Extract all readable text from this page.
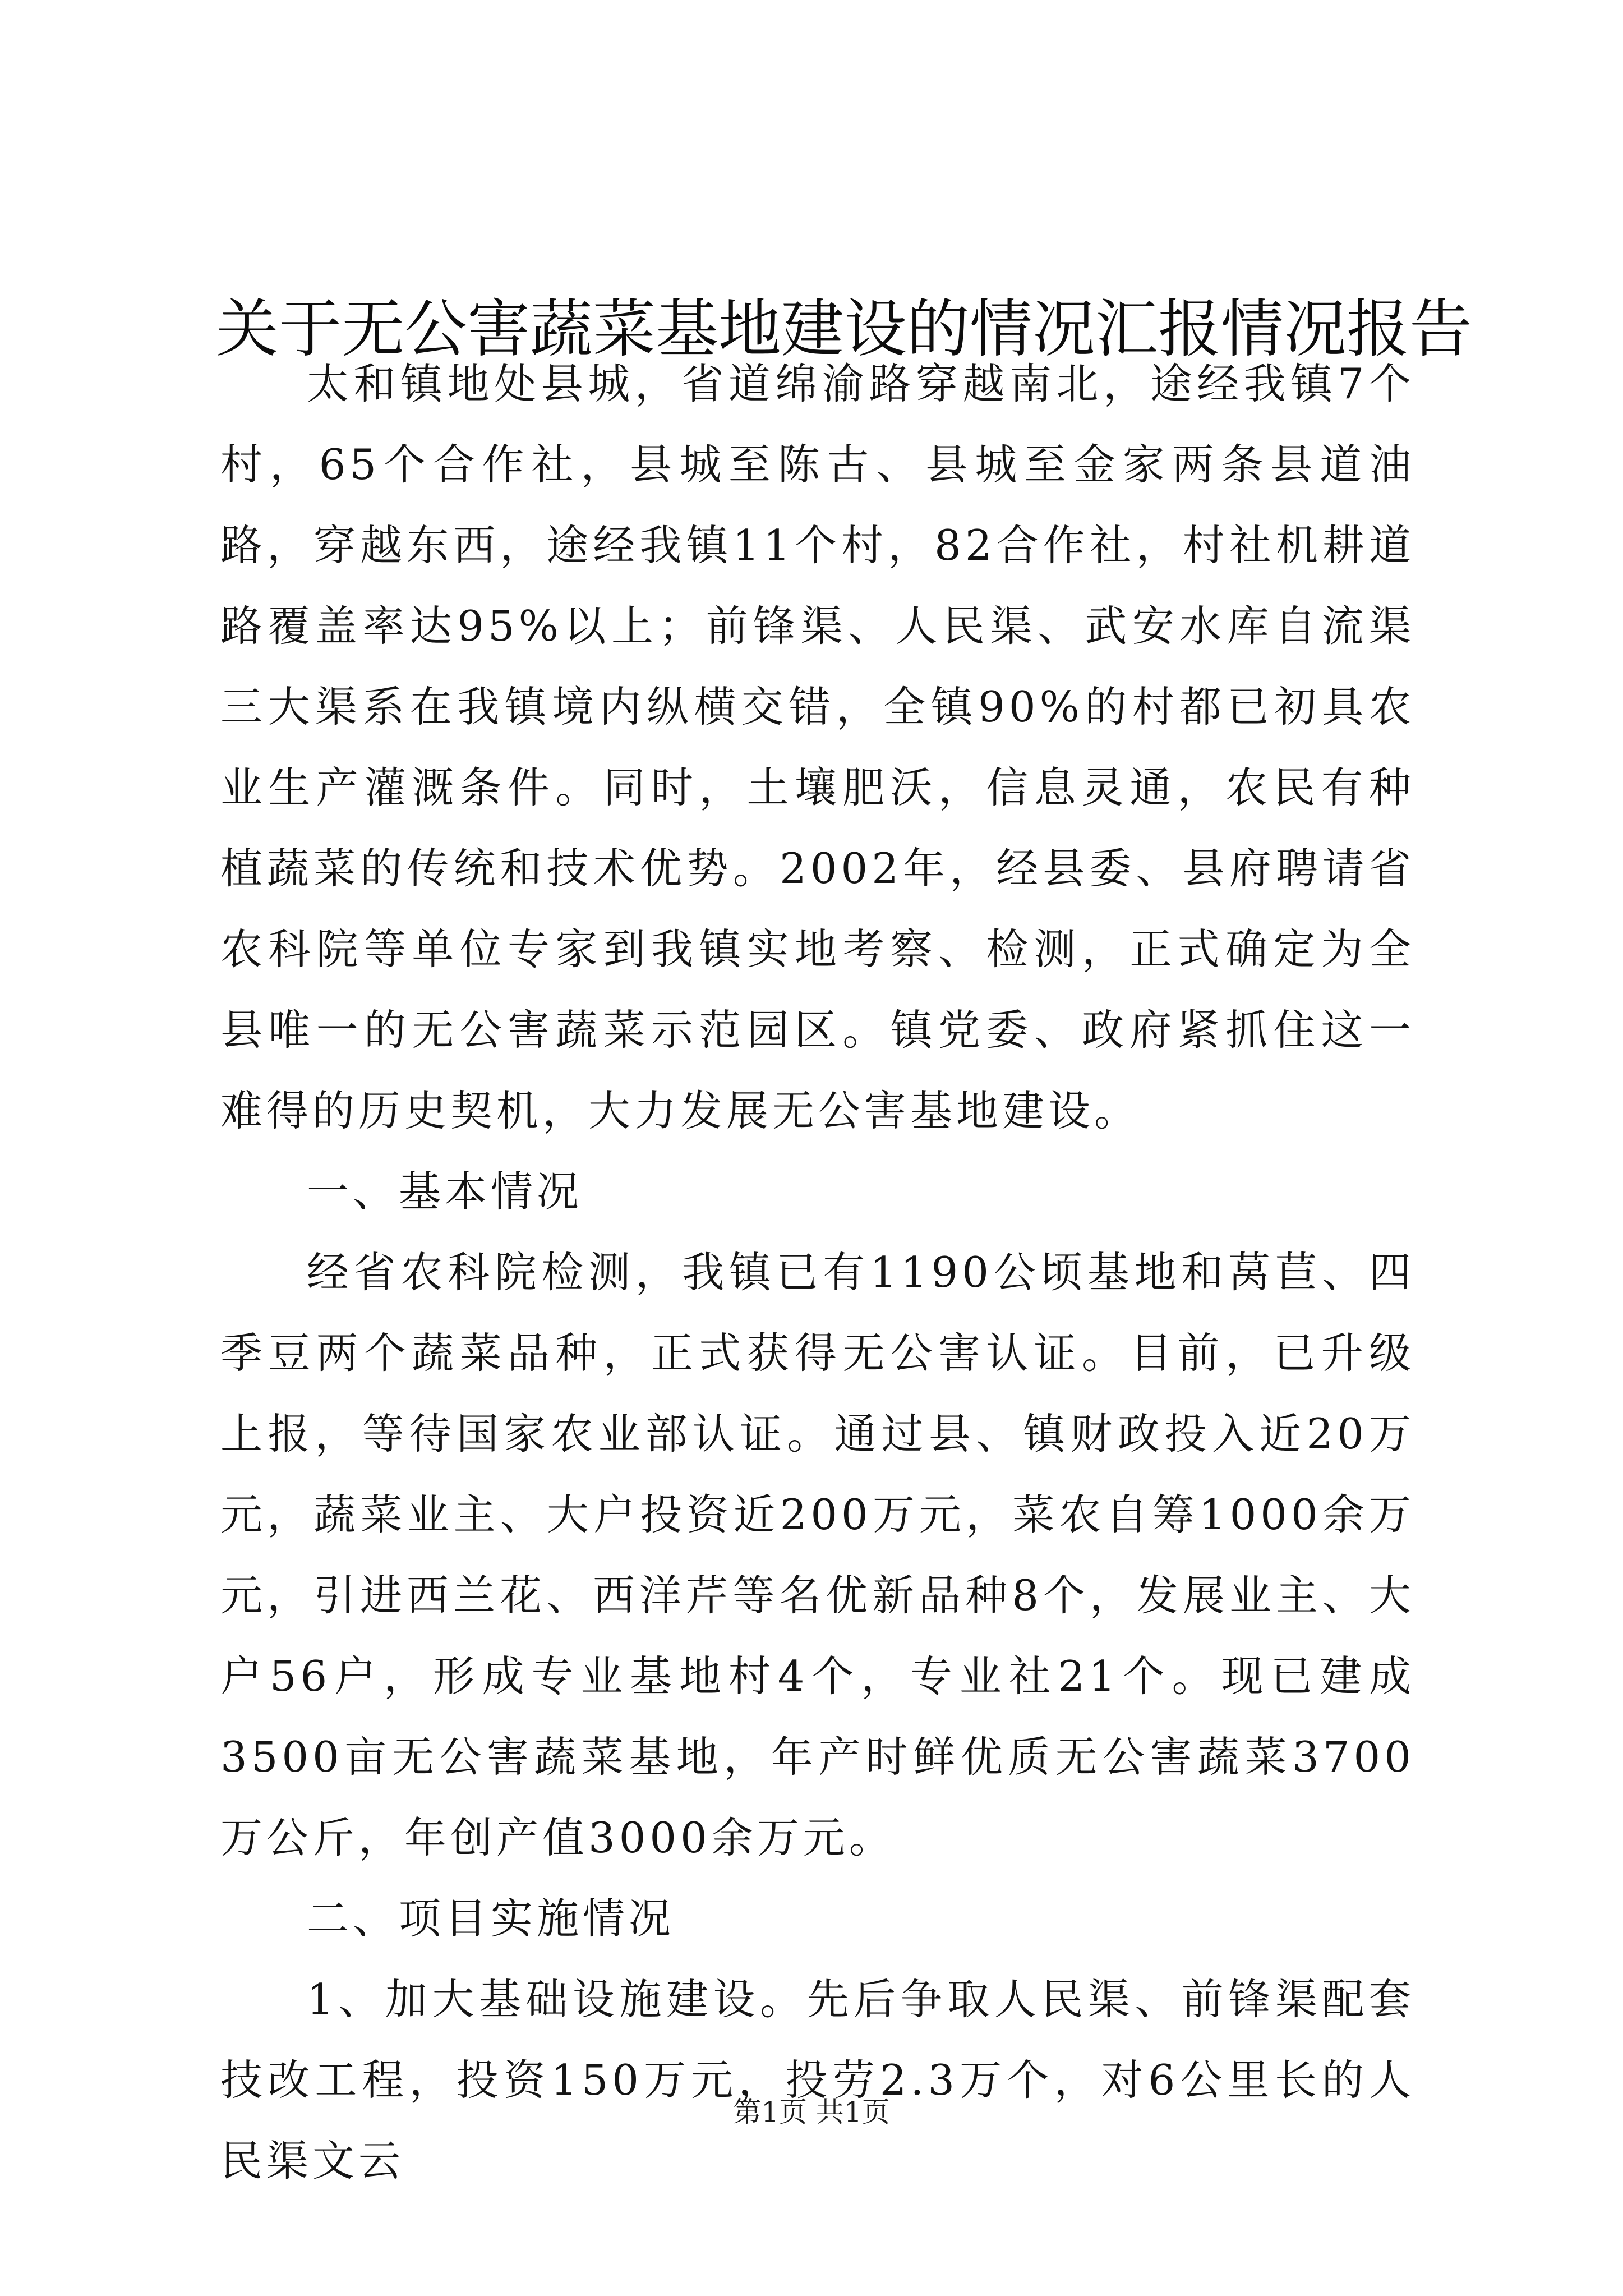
关于无公害蔬菜基地建设的情况汇报情况报告

太和镇地处县城，省道绵渝路穿越南北，途经我镇7个村，65个合作社，县城至陈古、县城至金家两条县道油路，穿越东西，途经我镇11个村，82合作社，村社机耕道路覆盖率达95%以上；前锋渠、人民渠、武安水库自流渠三大渠系在我镇境内纵横交错，全镇90%的村都已初具农业生产灌溉条件。同时，土壤肥沃，信息灵通，农民有种植蔬菜的传统和技术优势。2002年，经县委、县府聘请省农科院等单位专家到我镇实地考察、检测，正式确定为全县唯一的无公害蔬菜示范园区。镇党委、政府紧抓住这一难得的历史契机，大力发展无公害基地建设。

一、基本情况

经省农科院检测，我镇已有1190公顷基地和莴苣、四季豆两个蔬菜品种，正式获得无公害认证。目前，已升级上报，等待国家农业部认证。通过县、镇财政投入近20万元，蔬菜业主、大户投资近200万元，菜农自筹1000余万元，引进西兰花、西洋芹等名优新品种8个，发展业主、大户56户，形成专业基地村4个，专业社21个。现已建成3500亩无公害蔬菜基地，年产时鲜优质无公害蔬菜3700万公斤，年创产值3000余万元。

二、项目实施情况

1、加大基础设施建设。先后争取人民渠、前锋渠配套技改工程，投资150万元，投劳2.3万个，对6公里长的人民渠文云

第1页 共1页
